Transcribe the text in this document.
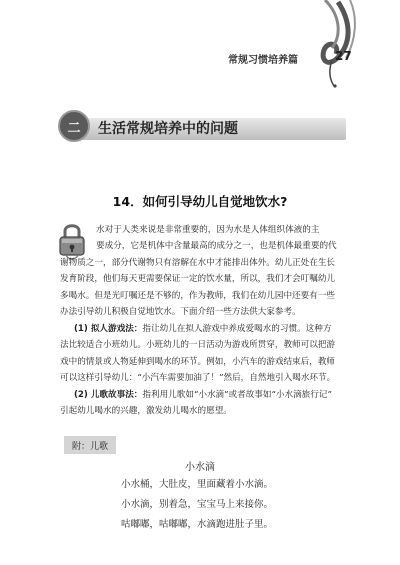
常规习惯培养篇	27
二	生活常规培养中的问题
14．如何引导幼儿自觉地饮水?
水对于人类来说是非常重要的，因为水是人体组织体液的主
要成分，它是机体中含量最高的成分之一，也是机体最重要的代
谢物质之一，部分代谢物只有溶解在水中才能排出体外。幼儿正处在生长
发育阶段，他们每天更需要保证一定的饮水量，所以，我们才会叮嘱幼儿
多喝水。但是光叮嘱还是不够的，作为教师，我们在幼儿园中还要有一些
办法引导幼儿积极自觉地饮水。下面介绍一些方法供大家参考。
(1) 拟人游戏法：指让幼儿在拟人游戏中养成爱喝水的习惯。这种方
法比较适合小班幼儿。小班幼儿的一日活动为游戏所贯穿，教师可以把游
戏中的情景或人物延伸到喝水的环节。例如，小汽车的游戏结束后，教师
可以这样引导幼儿：“小汽车需要加油了！”然后，自然地引入喝水环节。
(2) 儿歌故事法：指利用儿歌如“小水滴”或者故事如“小水滴旅行记”
引起幼儿喝水的兴趣，激发幼儿喝水的愿望。
附：儿歌
小水滴
小水桶，大肚皮，里面藏着小水滴。
小水滴，别着急，宝宝马上来接你。
咕嘟嘟，咕嘟嘟，水滴跑进肚子里。
